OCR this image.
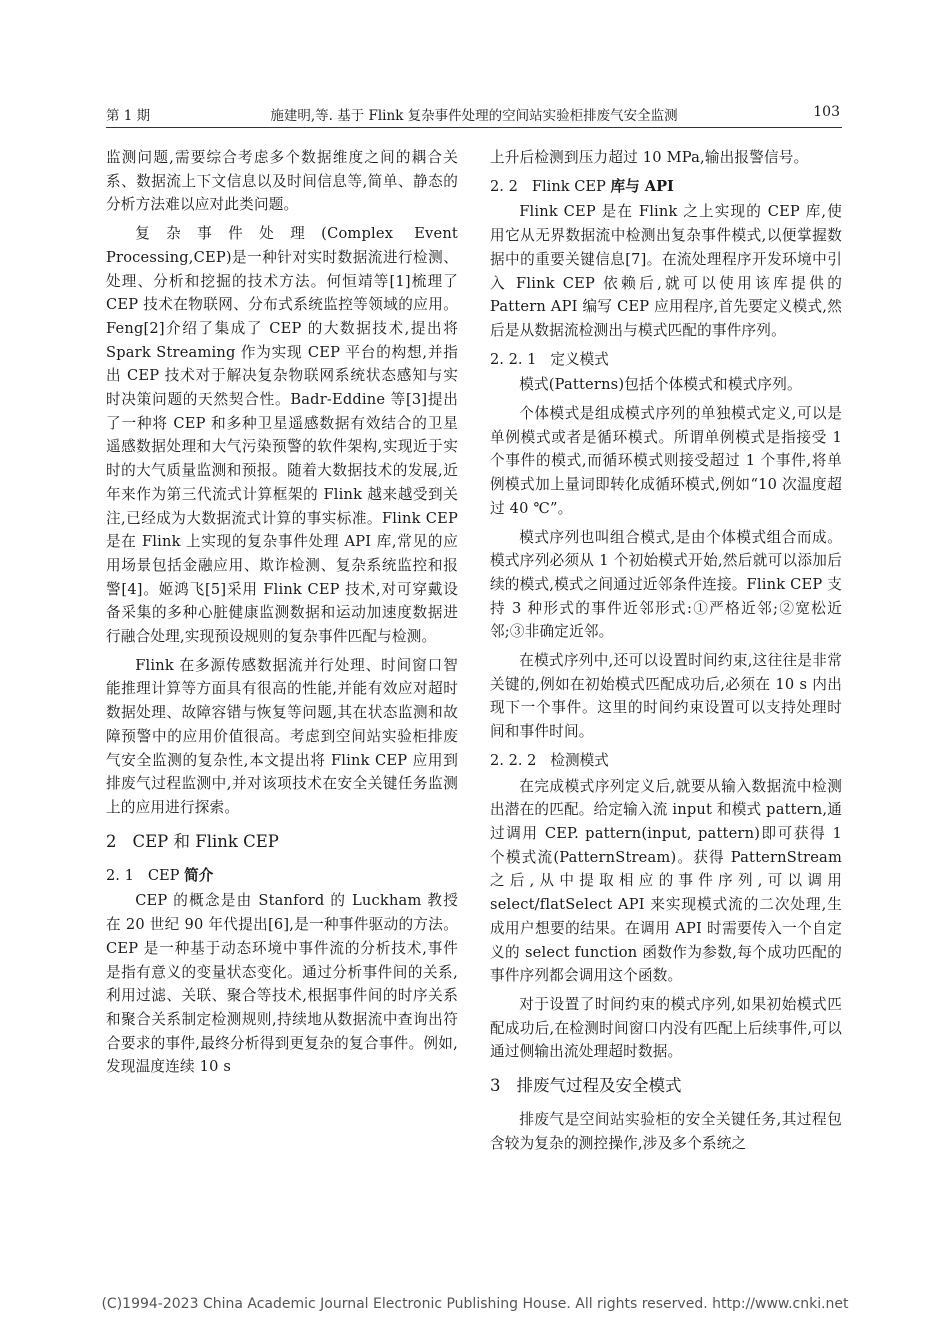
第 1 期	施建明,等. 基于 Flink 复杂事件处理的空间站实验柜排废气安全监测	103

监测问题,需要综合考虑多个数据维度之间的耦合关系、数据流上下文信息以及时间信息等,简单、静态的分析方法难以应对此类问题。

复杂事件处理(Complex Event Processing,CEP)是一种针对实时数据流进行检测、处理、分析和挖掘的技术方法。何恒靖等[1]梳理了 CEP 技术在物联网、分布式系统监控等领域的应用。Feng[2]介绍了集成了 CEP 的大数据技术,提出将 Spark Streaming 作为实现 CEP 平台的构想,并指出 CEP 技术对于解决复杂物联网系统状态感知与实时决策问题的天然契合性。Badr-Eddine 等[3]提出了一种将 CEP 和多种卫星遥感数据有效结合的卫星遥感数据处理和大气污染预警的软件架构,实现近于实时的大气质量监测和预报。随着大数据技术的发展,近年来作为第三代流式计算框架的 Flink 越来越受到关注,已经成为大数据流式计算的事实标准。Flink CEP 是在 Flink 上实现的复杂事件处理 API 库,常见的应用场景包括金融应用、欺诈检测、复杂系统监控和报警[4]。姬鸿飞[5]采用 Flink CEP 技术,对可穿戴设备采集的多种心脏健康监测数据和运动加速度数据进行融合处理,实现预设规则的复杂事件匹配与检测。

Flink 在多源传感数据流并行处理、时间窗口智能推理计算等方面具有很高的性能,并能有效应对超时数据处理、故障容错与恢复等问题,其在状态监测和故障预警中的应用价值很高。考虑到空间站实验柜排废气安全监测的复杂性,本文提出将 Flink CEP 应用到排废气过程监测中,并对该项技术在安全关键任务监测上的应用进行探索。

2 CEP 和 Flink CEP
2. 1 CEP 简介

CEP 的概念是由 Stanford 的 Luckham 教授在 20 世纪 90 年代提出[6],是一种事件驱动的方法。CEP 是一种基于动态环境中事件流的分析技术,事件是指有意义的变量状态变化。通过分析事件间的关系,利用过滤、关联、聚合等技术,根据事件间的时序关系和聚合关系制定检测规则,持续地从数据流中查询出符合要求的事件,最终分析得到更复杂的复合事件。例如,发现温度连续 10 s

上升后检测到压力超过 10 MPa,输出报警信号。

2. 2 Flink CEP 库与 API

Flink CEP 是在 Flink 之上实现的 CEP 库,使用它从无界数据流中检测出复杂事件模式,以便掌握数据中的重要关键信息[7]。在流处理程序开发环境中引入 Flink CEP 依赖后,就可以使用该库提供的 Pattern API 编写 CEP 应用程序,首先要定义模式,然后是从数据流检测出与模式匹配的事件序列。

2. 2. 1 定义模式

模式(Patterns)包括个体模式和模式序列。

个体模式是组成模式序列的单独模式定义,可以是单例模式或者是循环模式。所谓单例模式是指接受 1 个事件的模式,而循环模式则接受超过 1 个事件,将单例模式加上量词即转化成循环模式,例如“10 次温度超过 40 ℃”。

模式序列也叫组合模式,是由个体模式组合而成。模式序列必须从 1 个初始模式开始,然后就可以添加后续的模式,模式之间通过近邻条件连接。Flink CEP 支持 3 种形式的事件近邻形式:①严格近邻;②宽松近邻;③非确定近邻。

在模式序列中,还可以设置时间约束,这往往是非常关键的,例如在初始模式匹配成功后,必须在 10 s 内出现下一个事件。这里的时间约束设置可以支持处理时间和事件时间。

2. 2. 2 检测模式

在完成模式序列定义后,就要从输入数据流中检测出潜在的匹配。给定输入流 input 和模式 pattern,通过调用 CEP. pattern(input, pattern)即可获得 1 个模式流(PatternStream)。获得 PatternStream 之后,从中提取相应的事件序列,可以调用 select/flatSelect API 来实现模式流的二次处理,生成用户想要的结果。在调用 API 时需要传入一个自定义的 select function 函数作为参数,每个成功匹配的事件序列都会调用这个函数。

对于设置了时间约束的模式序列,如果初始模式匹配成功后,在检测时间窗口内没有匹配上后续事件,可以通过侧输出流处理超时数据。

3 排废气过程及安全模式

排废气是空间站实验柜的安全关键任务,其过程包含较为复杂的测控操作,涉及多个系统之

(C)1994-2023 China Academic Journal Electronic Publishing House. All rights reserved. http://www.cnki.net
